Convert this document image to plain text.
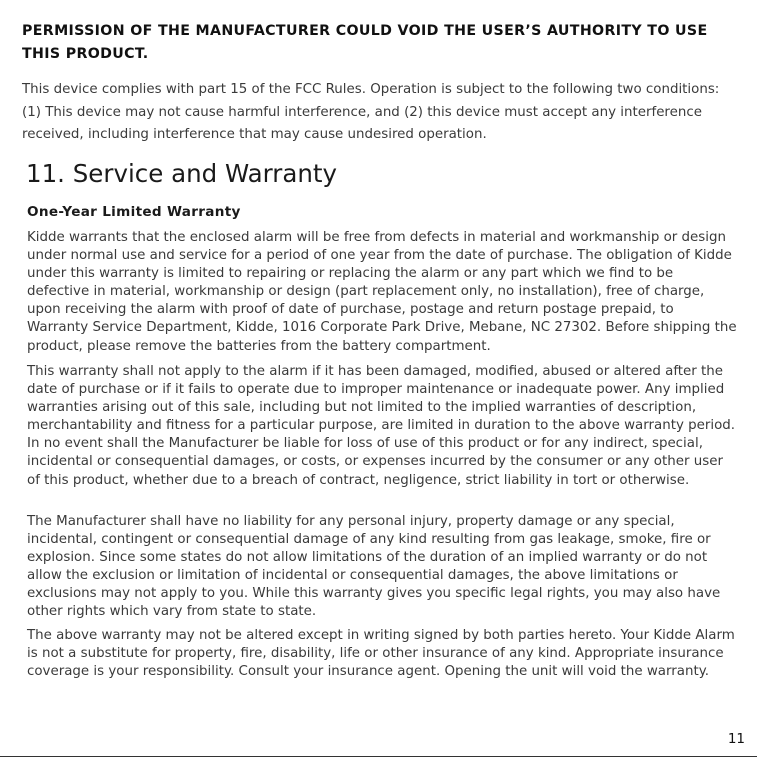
PERMISSION OF THE MANUFACTURER COULD VOID THE USER’S AUTHORITY TO USE THIS PRODUCT.

This device complies with part 15 of the FCC Rules. Operation is subject to the following two conditions: (1) This device may not cause harmful interference, and (2) this device must accept any interference received, including interference that may cause undesired operation.

11. Service and Warranty
One-Year Limited Warranty

Kidde warrants that the enclosed alarm will be free from defects in material and workmanship or design under normal use and service for a period of one year from the date of purchase. The obligation of Kidde under this warranty is limited to repairing or replacing the alarm or any part which we find to be defective in material, workmanship or design (part replacement only, no installation), free of charge, upon receiving the alarm with proof of date of purchase, postage and return postage prepaid, to Warranty Service Department, Kidde, 1016 Corporate Park Drive, Mebane, NC 27302. Before shipping the product, please remove the batteries from the battery compartment.

This warranty shall not apply to the alarm if it has been damaged, modified, abused or altered after the date of purchase or if it fails to operate due to improper maintenance or inadequate power. Any implied warranties arising out of this sale, including but not limited to the implied warranties of description, merchantability and fitness for a particular purpose, are limited in duration to the above warranty period. In no event shall the Manufacturer be liable for loss of use of this product or for any indirect, special, incidental or consequential damages, or costs, or expenses incurred by the consumer or any other user of this product, whether due to a breach of contract, negligence, strict liability in tort or otherwise.

The Manufacturer shall have no liability for any personal injury, property damage or any special, incidental, contingent or consequential damage of any kind resulting from gas leakage, smoke, fire or explosion. Since some states do not allow limitations of the duration of an implied warranty or do not allow the exclusion or limitation of incidental or consequential damages, the above limitations or exclusions may not apply to you. While this warranty gives you specific legal rights, you may also have other rights which vary from state to state.

The above warranty may not be altered except in writing signed by both parties hereto. Your Kidde Alarm is not a substitute for property, fire, disability, life or other insurance of any kind. Appropriate insurance coverage is your responsibility. Consult your insurance agent. Opening the unit will void the warranty.

11
